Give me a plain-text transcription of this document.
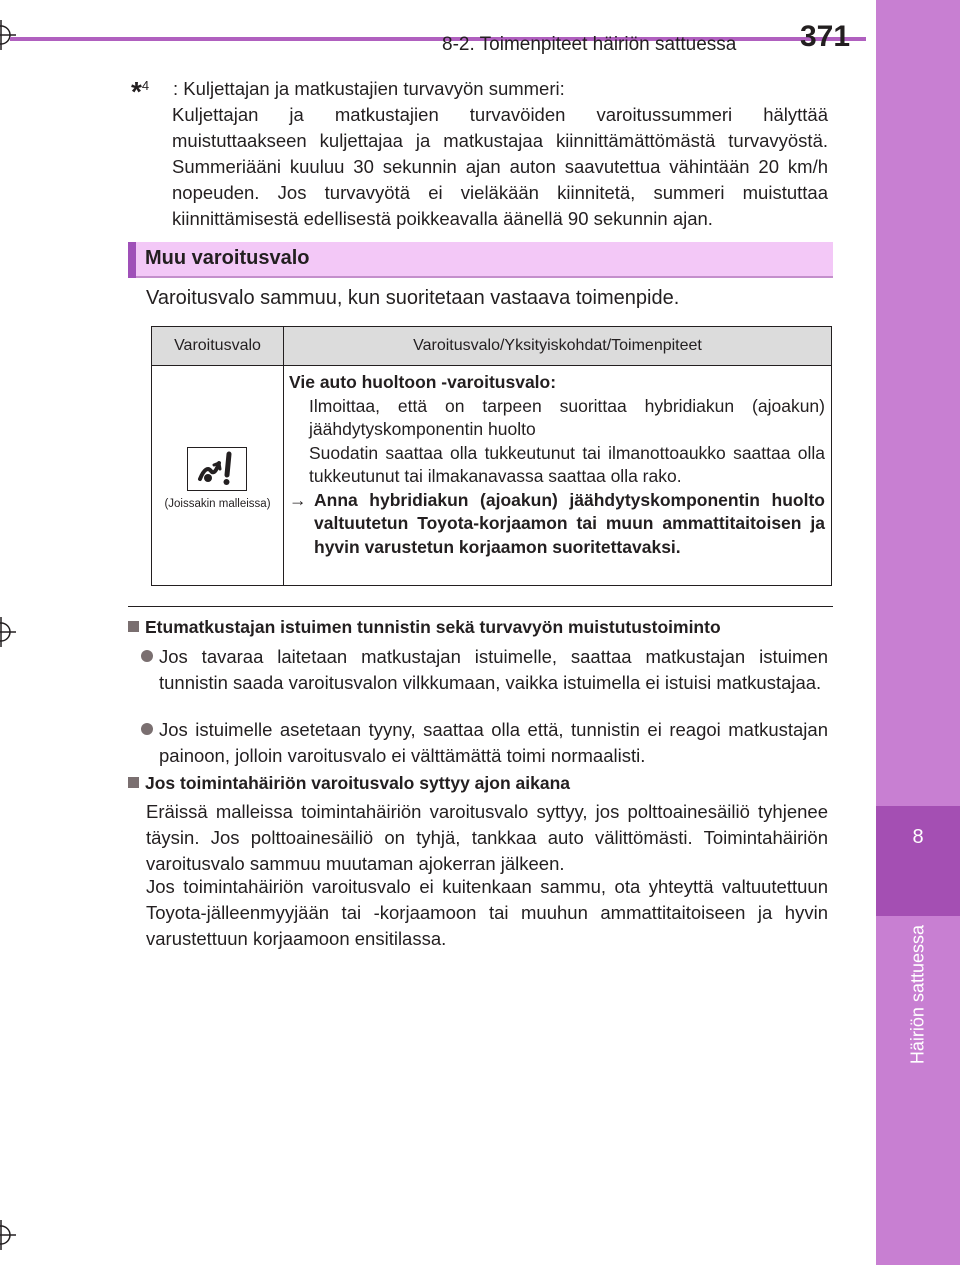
8
Häiriön sattuessa
8-2. Toimenpiteet häiriön sattuessa 371
*$^4$ : Kuljettajan ja matkustajien turvavyön summeri:
Kuljettajan ja matkustajien turvavöiden varoitussummeri hälyttää muistuttaakseen kuljettajaa ja matkustajaa kiinnittämättömästä turvavyöstä. Summeriääni kuuluu 30 sekunnin ajan auton saavutettua vähintään 20 km/h nopeuden. Jos turvavyötä ei vieläkään kiinnitetä, summeri muistuttaa kiinnittämisestä edellisestä poikkeavalla äänellä 90 sekunnin ajan.
Muu varoitusvalo
Varoitusvalo sammuu, kun suoritetaan vastaava toimenpide.
Varoitusvalo	Varoitusvalo/Yksityiskohdat/Toimenpiteet
(Joissakin malleissa)
Vie auto huoltoon -varoitusvalo:
Ilmoittaa, että on tarpeen suorittaa hybridiakun (ajoakun) jäähdytyskomponentin huolto
Suodatin saattaa olla tukkeutunut tai ilmanottoaukko saattaa olla tukkeutunut tai ilmakanavassa saattaa olla rako.
→ Anna hybridiakun (ajoakun) jäähdytyskomponentin huolto valtuutetun Toyota-korjaamon tai muun ammattitaitoisen ja hyvin varustetun korjaamon suoritettavaksi.
Etumatkustajan istuimen tunnistin sekä turvavyön muistutustoiminto
Jos tavaraa laitetaan matkustajan istuimelle, saattaa matkustajan istuimen tunnistin saada varoitusvalon vilkkumaan, vaikka istuimella ei istuisi matkustajaa.
Jos istuimelle asetetaan tyyny, saattaa olla että, tunnistin ei reagoi matkustajan painoon, jolloin varoitusvalo ei välttämättä toimi normaalisti.
Jos toimintahäiriön varoitusvalo syttyy ajon aikana
Eräissä malleissa toimintahäiriön varoitusvalo syttyy, jos polttoainesäiliö tyhjenee täysin. Jos polttoainesäiliö on tyhjä, tankkaa auto välittömästi. Toimintahäiriön varoitusvalo sammuu muutaman ajokerran jälkeen.
Jos toimintahäiriön varoitusvalo ei kuitenkaan sammu, ota yhteyttä valtuutettuun Toyota-jälleenmyyjään tai -korjaamoon tai muuhun ammattitaitoiseen ja hyvin varustettuun korjaamoon ensitilassa.
